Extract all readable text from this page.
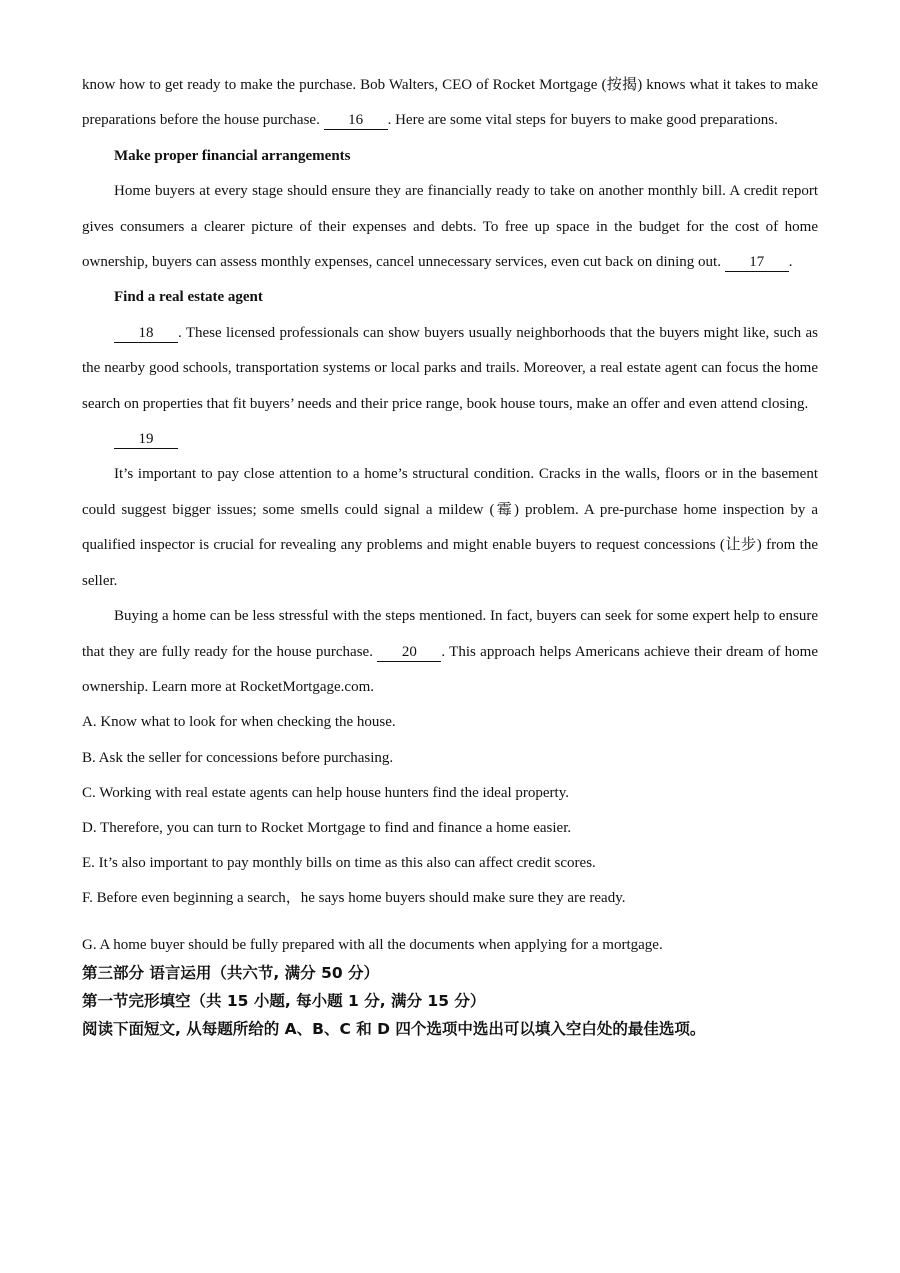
know how to get ready to make the purchase. Bob Walters, CEO of Rocket Mortgage (按揭) knows what it takes to make preparations before the house purchase. 16 . Here are some vital steps for buyers to make good preparations.

Make proper financial arrangements

Home buyers at every stage should ensure they are financially ready to take on another monthly bill. A credit report gives consumers a clearer picture of their expenses and debts. To free up space in the budget for the cost of home ownership, buyers can assess monthly expenses, cancel unnecessary services, even cut back on dining out. 17 .

Find a real estate agent

18 . These licensed professionals can show buyers usually neighborhoods that the buyers might like, such as the nearby good schools, transportation systems or local parks and trails. Moreover, a real estate agent can focus the home search on properties that fit buyers’ needs and their price range, book house tours, make an offer and even attend closing.

19

It’s important to pay close attention to a home’s structural condition. Cracks in the walls, floors or in the basement could suggest bigger issues; some smells could signal a mildew (霉) problem. A pre-purchase home inspection by a qualified inspector is crucial for revealing any problems and might enable buyers to request concessions (让步) from the seller.

Buying a home can be less stressful with the steps mentioned. In fact, buyers can seek for some expert help to ensure that they are fully ready for the house purchase. 20 . This approach helps Americans achieve their dream of home ownership. Learn more at RocketMortgage.com.

A. Know what to look for when checking the house.
B. Ask the seller for concessions before purchasing.
C. Working with real estate agents can help house hunters find the ideal property.
D. Therefore, you can turn to Rocket Mortgage to find and finance a home easier.
E. It’s also important to pay monthly bills on time as this also can affect credit scores.
F. Before even beginning a search，he says home buyers should make sure they are ready.
G. A home buyer should be fully prepared with all the documents when applying for a mortgage.

第三部分 语言运用（共六节, 满分 50 分）

第一节完形填空（共 15 小题, 每小题 1 分, 满分 15 分）

阅读下面短文, 从每题所给的 A、B、C 和 D 四个选项中选出可以填入空白处的最佳选项。
